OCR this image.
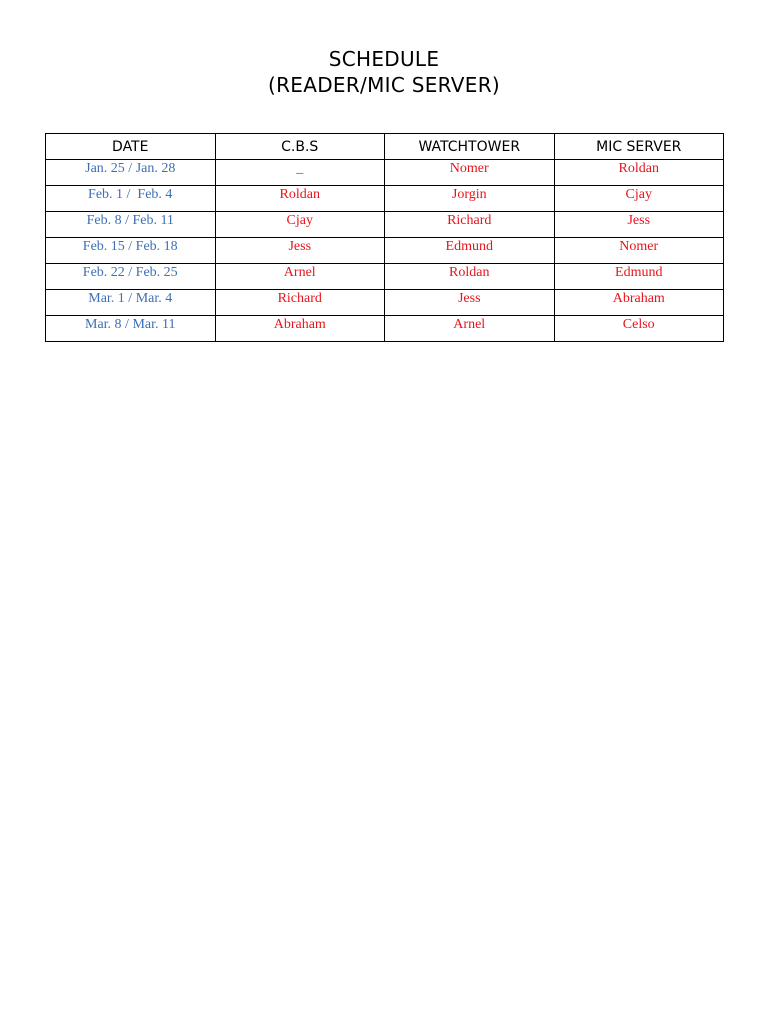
SCHEDULE
(READER/MIC SERVER)
DATE	C.B.S	WATCHTOWER	MIC SERVER
Jan. 25 / Jan. 28	_	Nomer	Roldan
Feb. 1 /  Feb. 4	Roldan	Jorgin	Cjay
Feb. 8 / Feb. 11	Cjay	Richard	Jess
Feb. 15 / Feb. 18	Jess	Edmund	Nomer
Feb. 22 / Feb. 25	Arnel	Roldan	Edmund
Mar. 1 / Mar. 4	Richard	Jess	Abraham
Mar. 8 / Mar. 11	Abraham	Arnel	Celso
